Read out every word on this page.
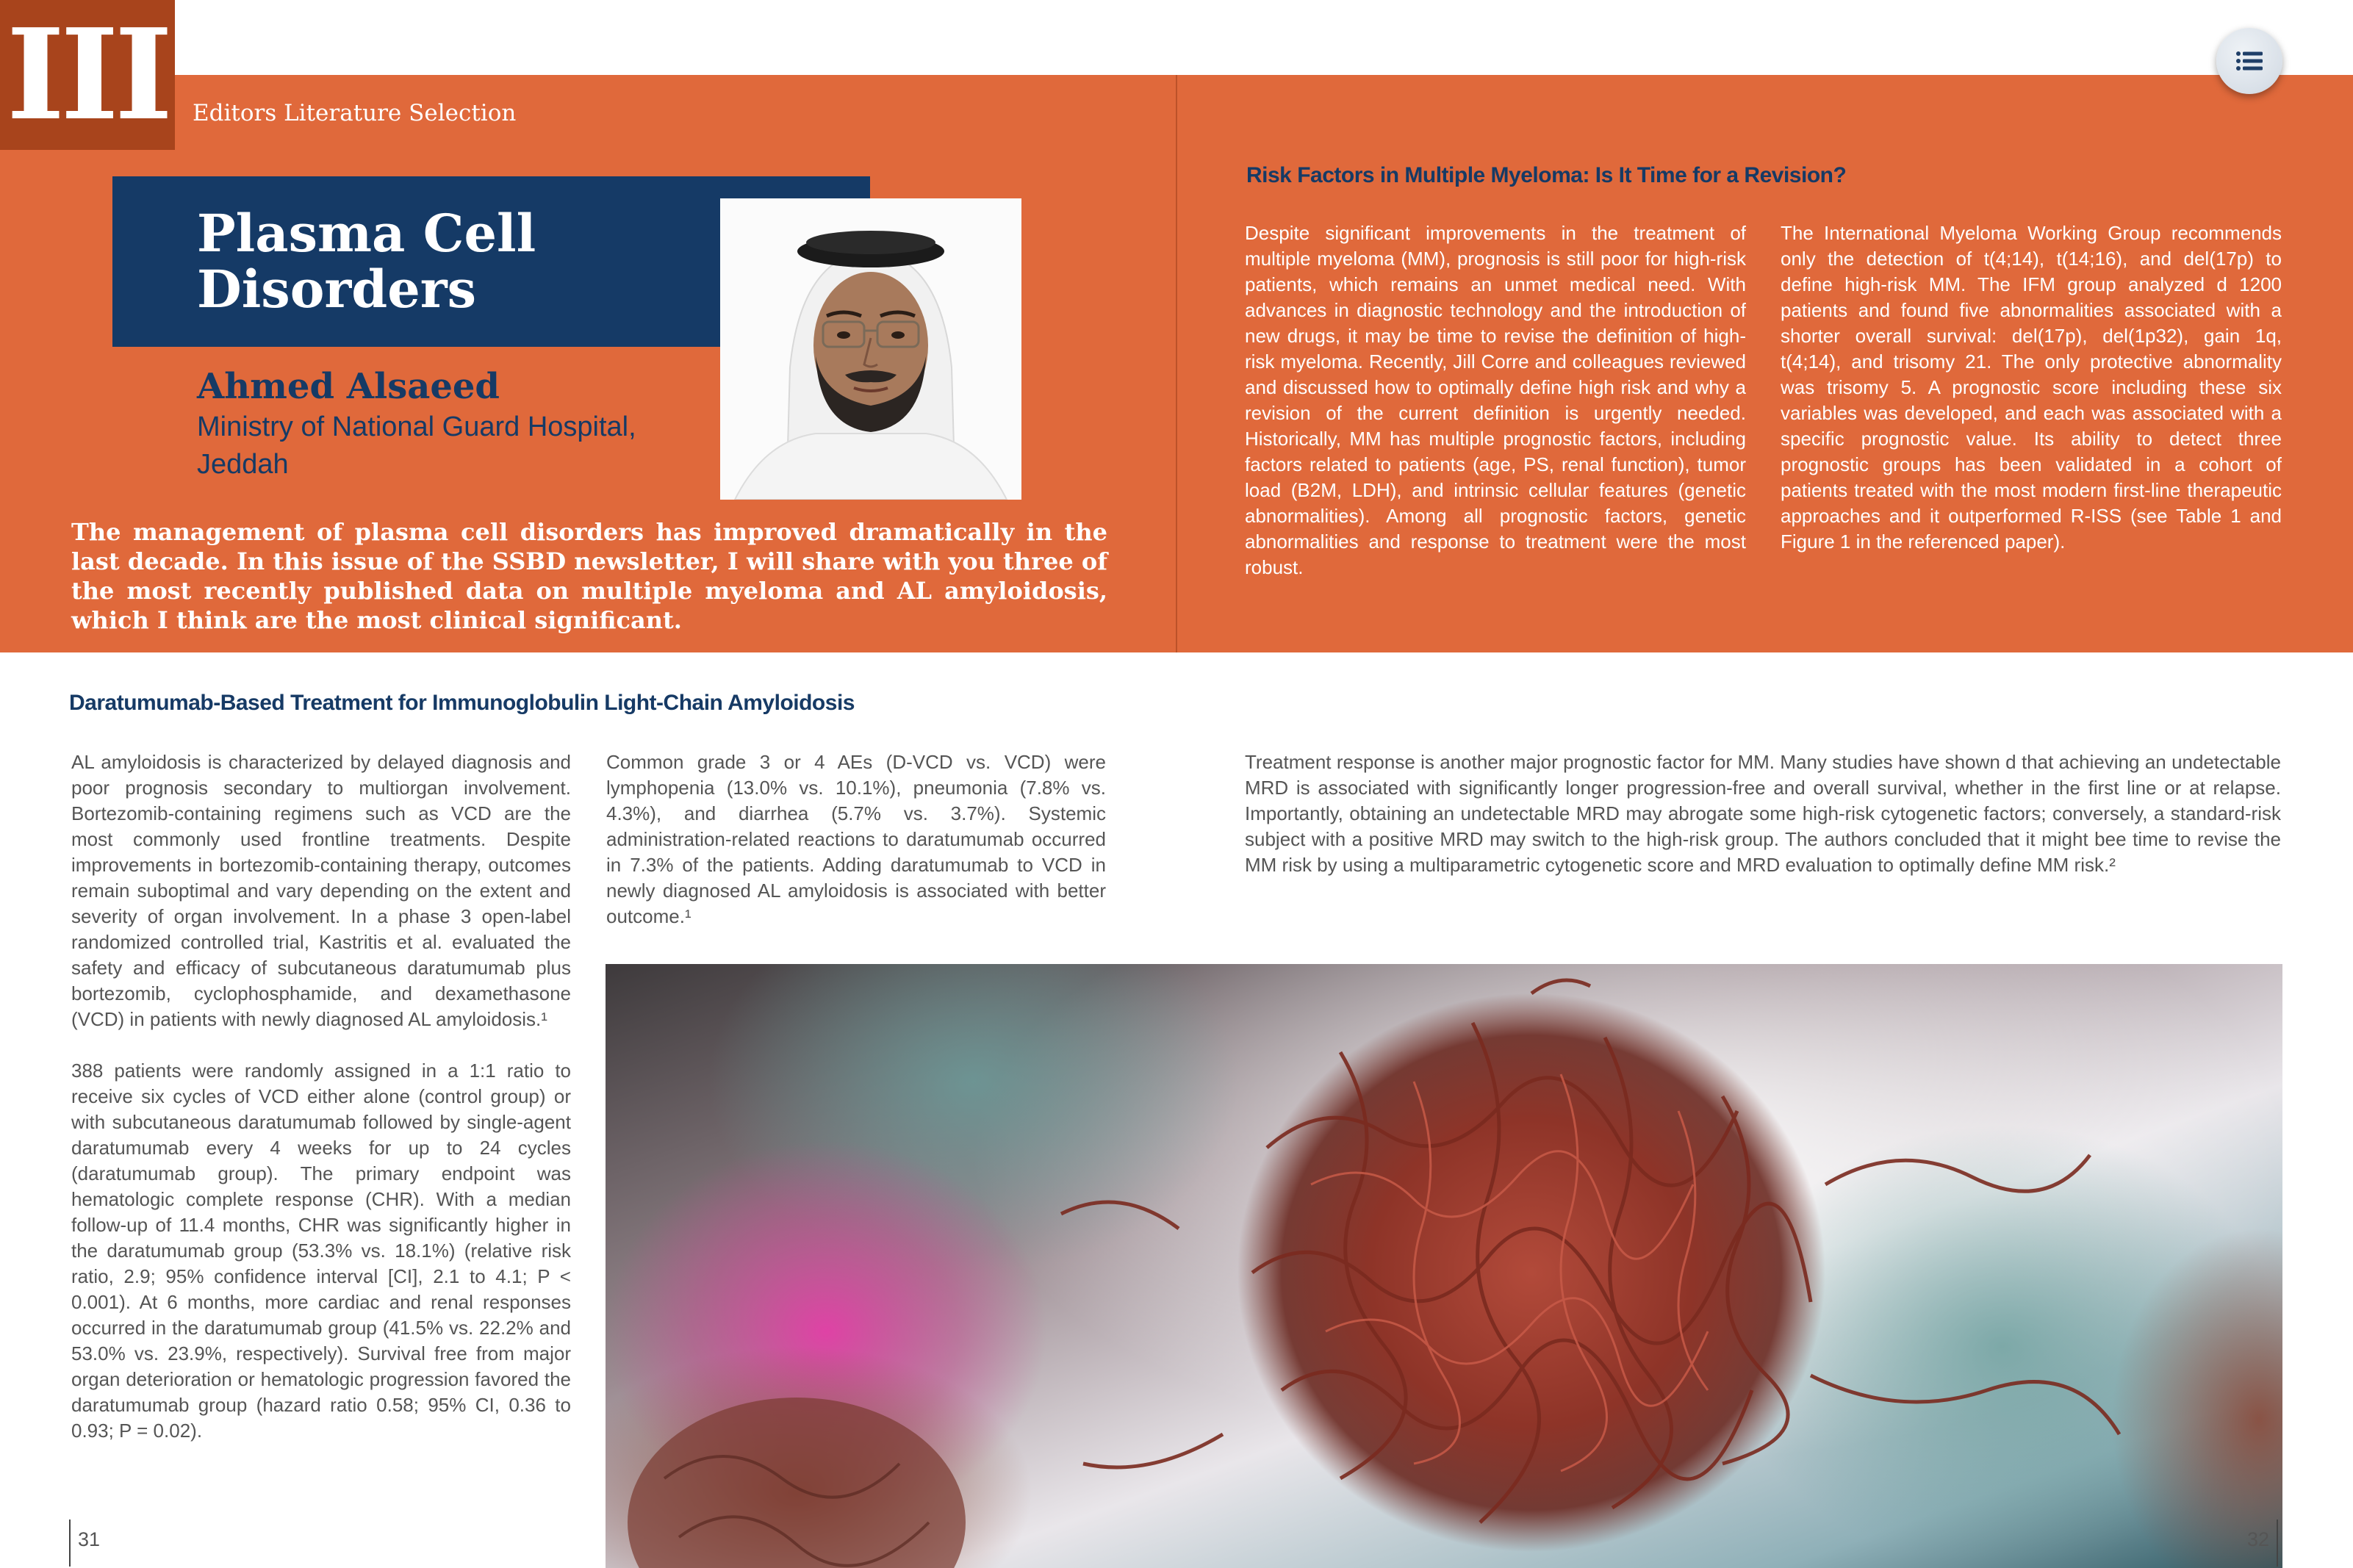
III Editors Literature Selection
Plasma Cell Disorders
Ahmed Alsaeed
Ministry of National Guard Hospital, Jeddah
The management of plasma cell disorders has improved dramatically in the last decade. In this issue of the SSBD newsletter, I will share with you three of the most recently published data on multiple myeloma and AL amyloidosis, which I think are the most clinical significant.
Risk Factors in Multiple Myeloma: Is It Time for a Revision?
Despite significant improvements in the treatment of multiple myeloma (MM), prognosis is still poor for high-risk patients, which remains an unmet medical need. With advances in diagnostic technology and the introduction of new drugs, it may be time to revise the definition of high-risk myeloma. Recently, Jill Corre and colleagues reviewed and discussed how to optimally define high risk and why a revision of the current definition is urgently needed. Historically, MM has multiple prognostic factors, including factors related to patients (age, PS, renal function), tumor load (B2M, LDH), and intrinsic cellular features (genetic abnormalities). Among all prognostic factors, genetic abnormalities and response to treatment were the most robust.
The International Myeloma Working Group recommends only the detection of t(4;14), t(14;16), and del(17p) to define high-risk MM. The IFM group analyzed d 1200 patients and found five abnormalities associated with a shorter overall survival: del(17p), del(1p32), gain 1q, t(4;14), and trisomy 21. The only protective abnormality was trisomy 5. A prognostic score including these six variables was developed, and each was associated with a specific prognostic value. Its ability to detect three prognostic groups has been validated in a cohort of patients treated with the most modern first-line therapeutic approaches and it outperformed R-ISS (see Table 1 and Figure 1 in the referenced paper).
Daratumumab-Based Treatment for Immunoglobulin Light-Chain Amyloidosis

AL amyloidosis is characterized by delayed diagnosis and poor prognosis secondary to multiorgan involvement. Bortezomib-containing regimens such as VCD are the most commonly used frontline treatments. Despite improvements in bortezomib-containing therapy, outcomes remain suboptimal and vary depending on the extent and severity of organ involvement. In a phase 3 open-label randomized controlled trial, Kastritis et al. evaluated the safety and efficacy of subcutaneous daratumumab plus bortezomib, cyclophosphamide, and dexamethasone (VCD) in patients with newly diagnosed AL amyloidosis.¹

388 patients were randomly assigned in a 1:1 ratio to receive six cycles of VCD either alone (control group) or with subcutaneous daratumumab followed by single-agent daratumumab every 4 weeks for up to 24 cycles (daratumumab group). The primary endpoint was hematologic complete response (CHR). With a median follow-up of 11.4 months, CHR was significantly higher in the daratumumab group (53.3% vs. 18.1%) (relative risk ratio, 2.9; 95% confidence interval [CI], 2.1 to 4.1; P < 0.001). At 6 months, more cardiac and renal responses occurred in the daratumumab group (41.5% vs. 22.2% and 53.0% vs. 23.9%, respectively). Survival free from major organ deterioration or hematologic progression favored the daratumumab group (hazard ratio 0.58; 95% CI, 0.36 to 0.93; P = 0.02).

Common grade 3 or 4 AEs (D-VCD vs. VCD) were lymphopenia (13.0% vs. 10.1%), pneumonia (7.8% vs. 4.3%), and diarrhea (5.7% vs. 3.7%). Systemic administration-related reactions to daratumumab occurred in 7.3% of the patients. Adding daratumumab to VCD in newly diagnosed AL amyloidosis is associated with better outcome.¹
Treatment response is another major prognostic factor for MM. Many studies have shown d that achieving an undetectable MRD is associated with significantly longer progression-free and overall survival, whether in the first line or at relapse. Importantly, obtaining an undetectable MRD may abrogate some high-risk cytogenetic factors; conversely, a standard-risk subject with a positive MRD may switch to the high-risk group. The authors concluded that it might bee time to revise the MM risk by using a multiparametric cytogenetic score and MRD evaluation to optimally define MM risk.²
31	32
